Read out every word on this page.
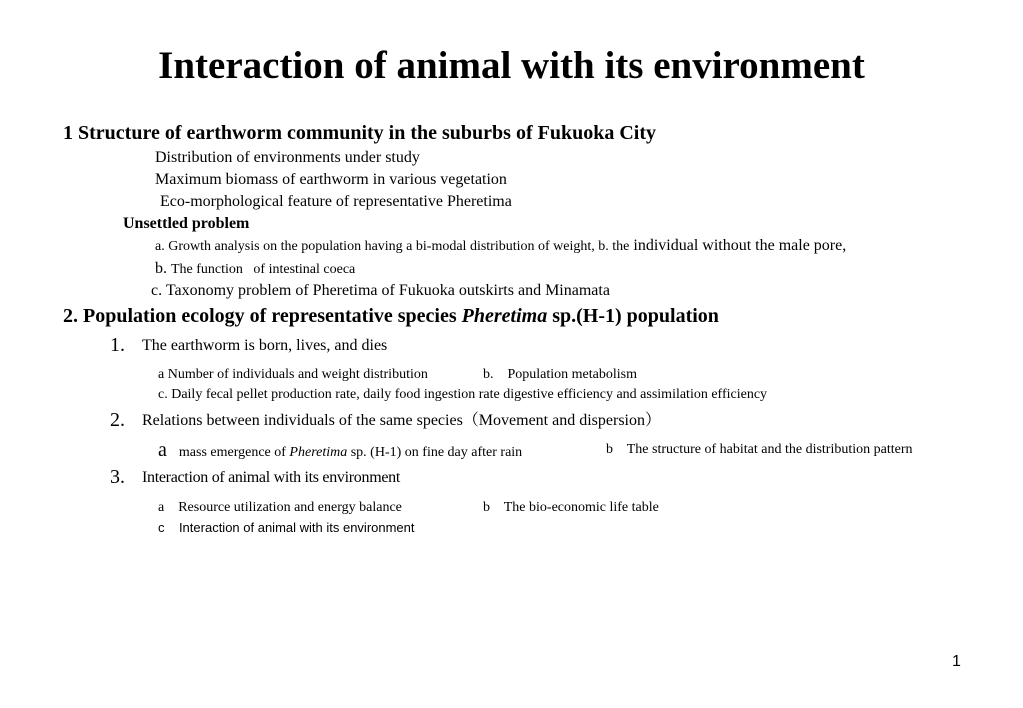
Interaction of animal with its environment
1 Structure of earthworm community in the suburbs of Fukuoka City
Distribution of environments under study
Maximum biomass of earthworm in various vegetation
Eco-morphological feature of representative Pheretima
Unsettled problem
a. Growth analysis on the population having a bi-modal distribution of weight, b. the individual without the male pore,
b. The function   of intestinal coeca
c. Taxonomy problem of Pheretima of Fukuoka outskirts and Minamata
2. Population ecology of representative species Pheretima sp.(H-1) population
1. The earthworm is born, lives, and dies
a Number of individuals and weight distribution	b.    Population metabolism
c. Daily fecal pellet production rate, daily food ingestion rate digestive efficiency and assimilation efficiency
2. Relations between individuals of the same species（Movement and dispersion）
a mass emergence of Pheretima sp. (H-1) on fine day after rain	b    The structure of habitat and the distribution pattern
3. Interaction of animal with its environment
a    Resource utilization and energy balance	b    The bio-economic life table
c    Interaction of animal with its environment
1
